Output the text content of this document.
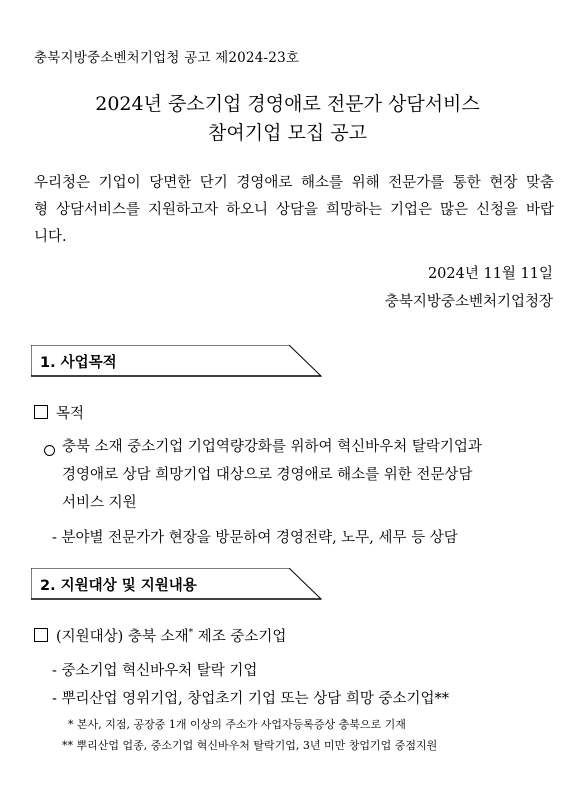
충북지방중소벤처기업청 공고 제2024-23호
2024년 중소기업 경영애로 전문가 상담서비스
참여기업 모집 공고
우리청은 기업이 당면한 단기 경영애로 해소를 위해 전문가를 통한 현장 맞춤형 상담서비스를 지원하고자 하오니 상담을 희망하는 기업은 많은 신청을 바랍니다.
2024년 11월 11일
충북지방중소벤처기업청장
1. 사업목적
목적
충북 소재 중소기업 기업역량강화를 위하여 혁신바우처 탈락기업과
경영애로 상담 희망기업 대상으로 경영애로 해소를 위한 전문상담
서비스 지원
- 분야별 전문가가 현장을 방문하여 경영전략, 노무, 세무 등 상담
2. 지원대상 및 지원내용
(지원대상) 충북 소재* 제조 중소기업
- 중소기업 혁신바우처 탈락 기업
- 뿌리산업 영위기업, 창업초기 기업 또는 상담 희망 중소기업**
* 본사, 지점, 공장중 1개 이상의 주소가 사업자등록증상 충북으로 기재
** 뿌리산업 업종, 중소기업 혁신바우처 탈락기업, 3년 미만 창업기업 중점지원
